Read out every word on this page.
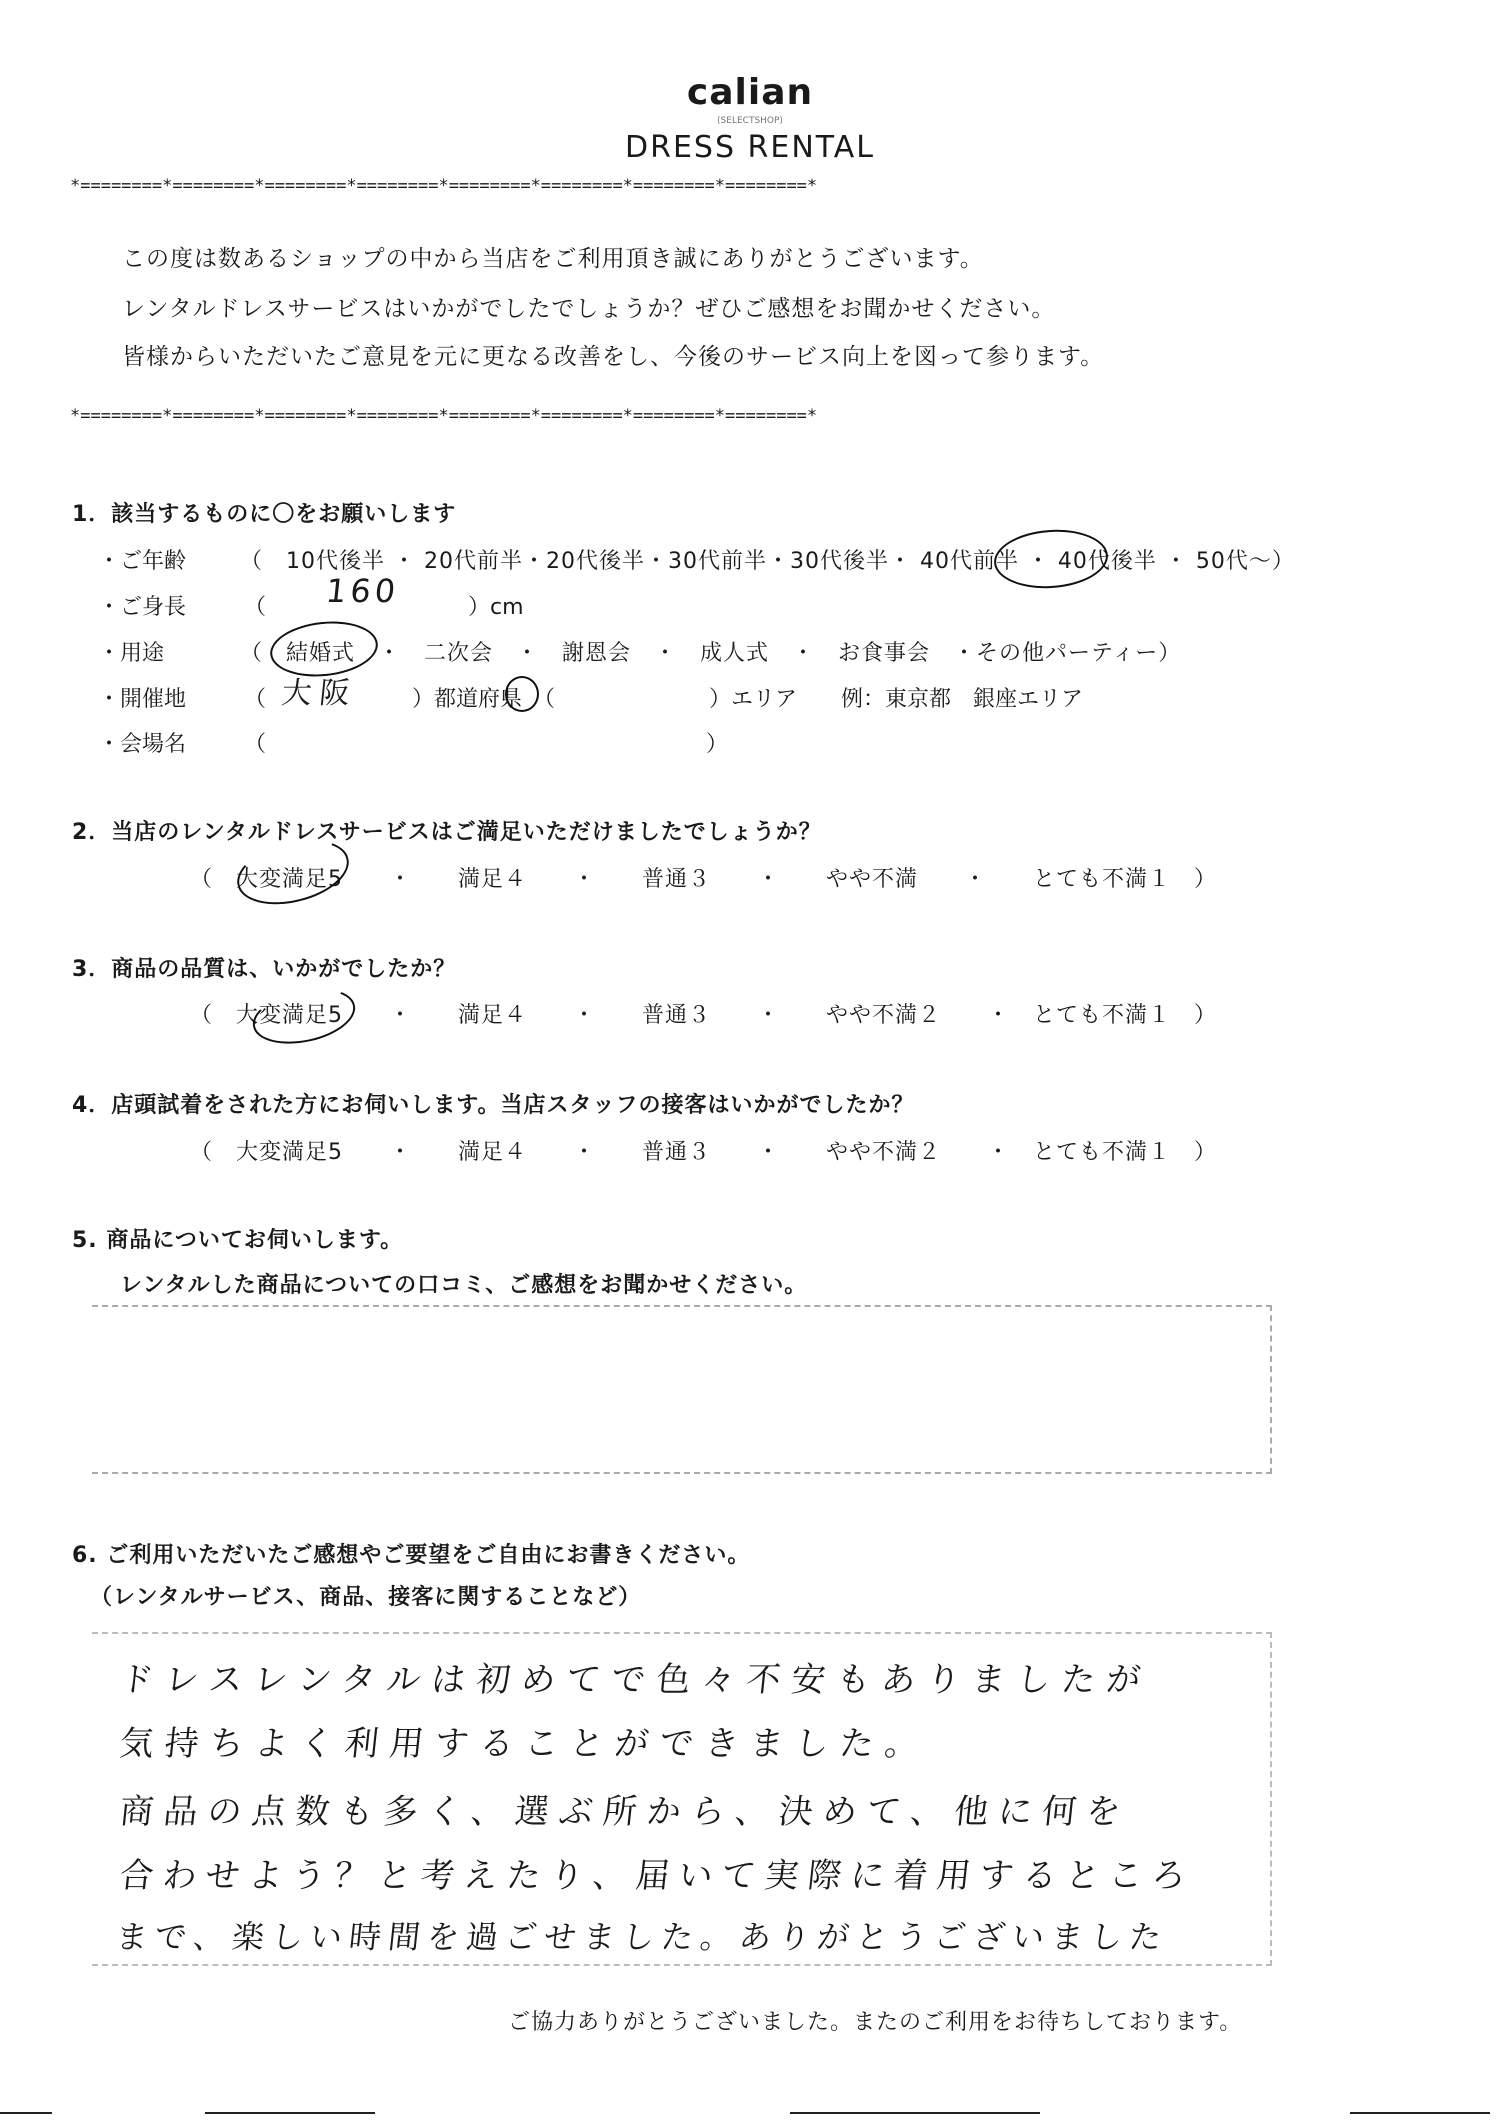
calian
(SELECTSHOP)
DRESS RENTAL
*========*========*========*========*========*========*========*========*
この度は数あるショップの中から当店をご利用頂き誠にありがとうございます。
レンタルドレスサービスはいかがでしたでしょうか？ぜひご感想をお聞かせください。
皆様からいただいたご意見を元に更なる改善をし、今後のサービス向上を図って参ります。
*========*========*========*========*========*========*========*========*
1．該当するものに〇をお願いします
・ご年齢 （　10代後半 ・ 20代前半・20代後半・30代前半・30代後半・ 40代前半 ・ 40代後半 ・ 50代～）
・ご身長	（ 160	）cm
・用途	（　結婚式　・　二次会　・　謝恩会　・　成人式　・　お食事会　・その他パーティー）
・開催地	（ 大阪 ）都道府県　（　　　　　　　）エリア　　例：東京都　銀座エリア
・会場名	（　　　　　　　　　　　　　　　　　　　　）
2．当店のレンタルドレスサービスはご満足いただけましたでしょうか？
（　大変満足5　　・　　満足４　　・　　普通３　　・　　やや不満　　・　　とても不満１　）
3．商品の品質は、いかがでしたか？
（　大変満足5　　・　　満足４　　・　　普通３　　・　　やや不満２　　・　とても不満１　）
4．店頭試着をされた方にお伺いします。当店スタッフの接客はいかがでしたか？
（　大変満足5　　・　　満足４　　・　　普通３　　・　　やや不満２　　・　とても不満１　）
5. 商品についてお伺いします。
レンタルした商品についての口コミ、ご感想をお聞かせください。
6. ご利用いただいたご感想やご要望をご自由にお書きください。
（レンタルサービス、商品、接客に関することなど）
ドレスレンタルは初めてで色々不安もありましたが
気持ちよく利用することができました。
商品の点数も多く、選ぶ所から、決めて、他に何を
合わせよう？と考えたり、届いて実際に着用するところ
まで、楽しい時間を過ごせました。ありがとうございました
ご協力ありがとうございました。またのご利用をお待ちしております。
